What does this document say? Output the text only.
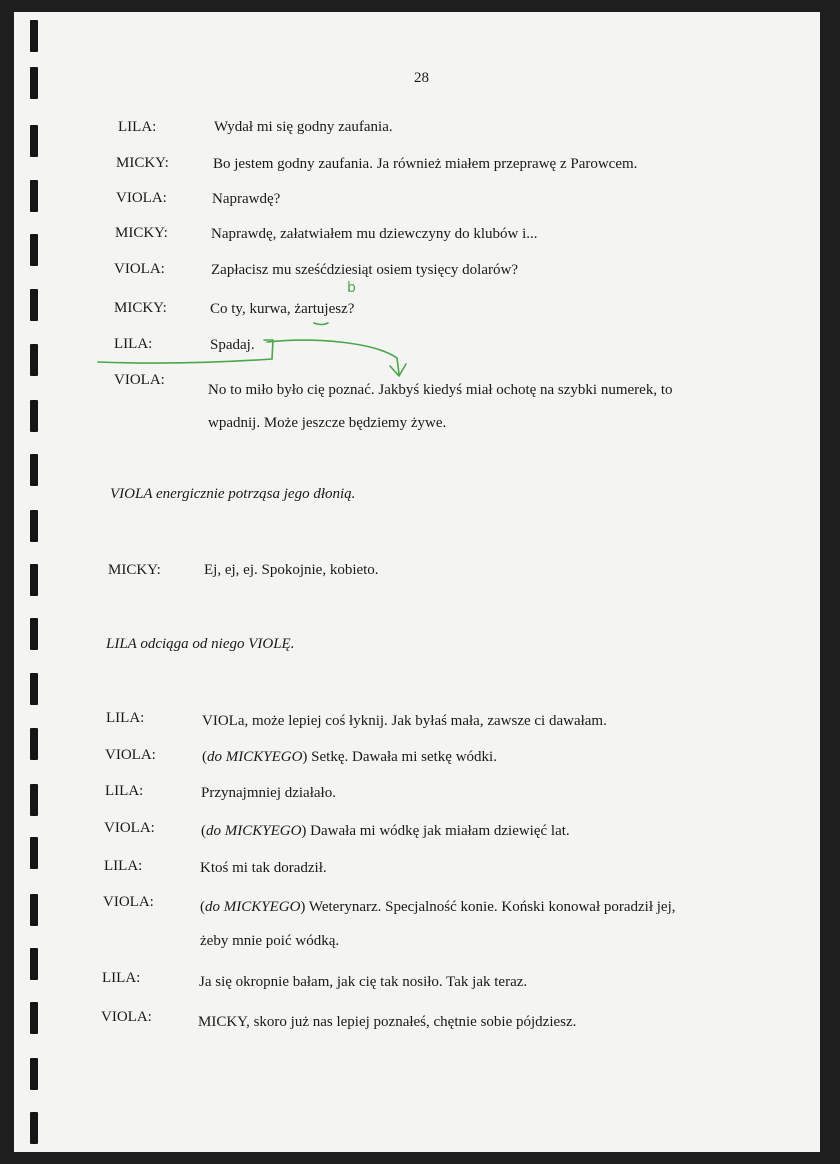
28
LILA:	Wydał mi się godny zaufania.
MICKY:	Bo jestem godny zaufania. Ja również miałem przeprawę z Parowcem.
VIOLA:	Naprawdę?
MICKY:	Naprawdę, załatwiałem mu dziewczyny do klubów i...
VIOLA:	Zapłacisz mu sześćdziesiąt osiem tysięcy dolarów?
MICKY:	Co ty, kurwa, żartujesz?
LILA:	Spadaj.
VIOLA:
No to miło było cię poznać. Jakbyś kiedyś miał ochotę na szybki numerek, to
wpadnij. Może jeszcze będziemy żywe.
VIOLA energicznie potrząsa jego dłonią.
MICKY:	Ej, ej, ej. Spokojnie, kobieto.
LILA odciąga od niego VIOLĘ.
LILA:	VIOLa, może lepiej coś łyknij. Jak byłaś mała, zawsze ci dawałam.
VIOLA:	(do MICKYEGO) Setkę. Dawała mi setkę wódki.
LILA:	Przynajmniej działało.
VIOLA:	(do MICKYEGO) Dawała mi wódkę jak miałam dziewięć lat.
LILA:	Ktoś mi tak doradził.
VIOLA:	(do MICKYEGO) Weterynarz. Specjalność konie. Koński konował poradził jej,
żeby mnie poić wódką.
LILA:	Ja się okropnie bałam, jak cię tak nosiło. Tak jak teraz.
VIOLA:	MICKY, skoro już nas lepiej poznałeś, chętnie sobie pójdziesz.
b
